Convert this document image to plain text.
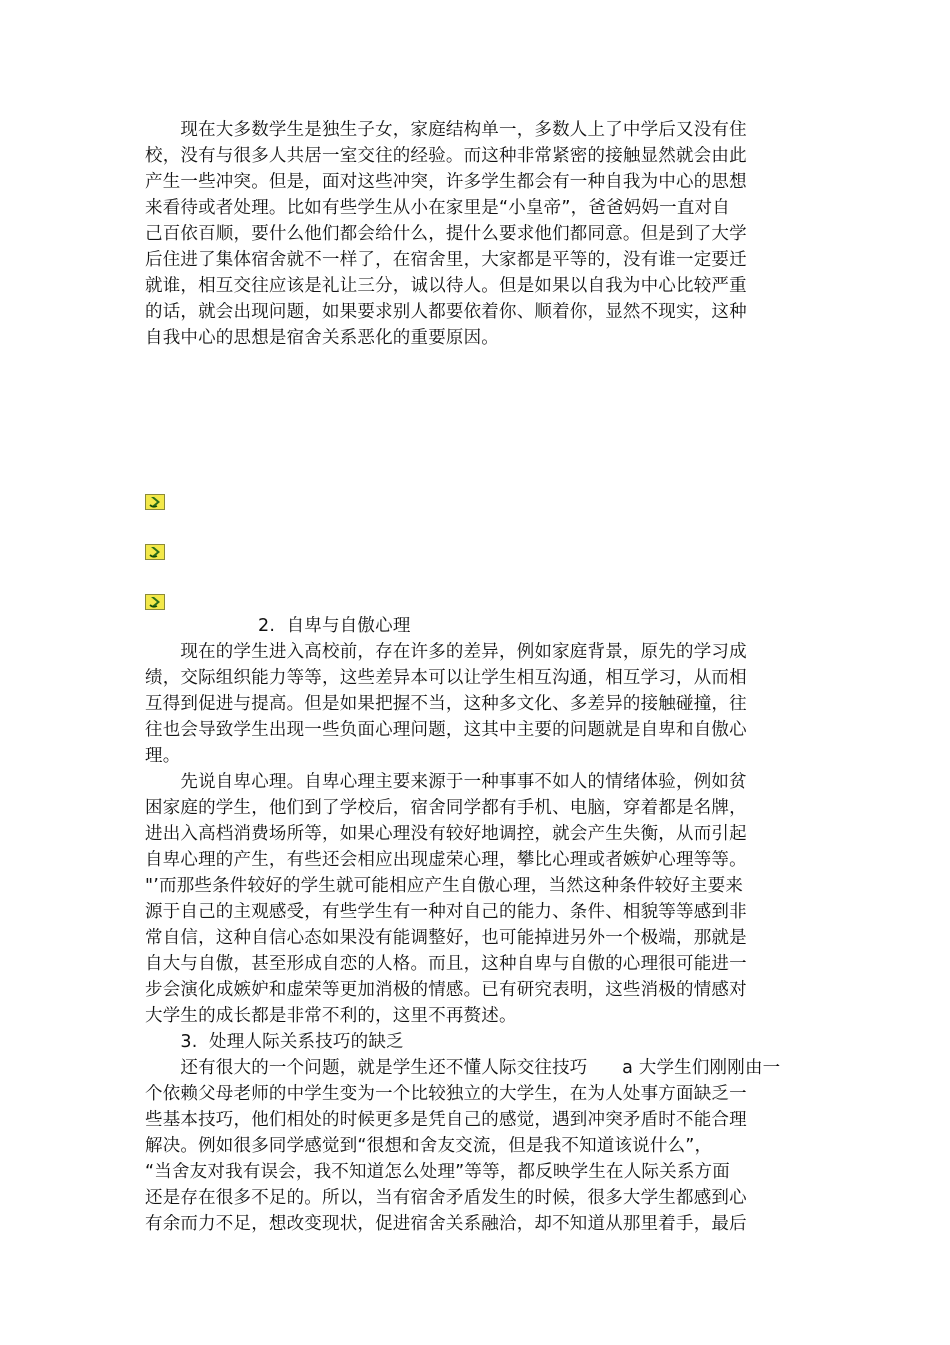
　　现在大多数学生是独生子女，家庭结构单一，多数人上了中学后又没有住
校，没有与很多人共居一室交往的经验。而这种非常紧密的接触显然就会由此
产生一些冲突。但是，面对这些冲突，许多学生都会有一种自我为中心的思想
来看待或者处理。比如有些学生从小在家里是“小皇帝”，爸爸妈妈一直对自
己百依百顺，要什么他们都会给什么，提什么要求他们都同意。但是到了大学
后住进了集体宿舍就不一样了，在宿舍里，大家都是平等的，没有谁一定要迁
就谁，相互交往应该是礼让三分，诚以待人。但是如果以自我为中心比较严重
的话，就会出现问题，如果要求别人都要依着你、顺着你，显然不现实，这种
自我中心的思想是宿舍关系恶化的重要原因。
2.  自卑与自傲心理
　　现在的学生进入高校前，存在许多的差异，例如家庭背景，原先的学习成
绩，交际组织能力等等，这些差异本可以让学生相互沟通，相互学习，从而相
互得到促进与提高。但是如果把握不当，这种多文化、多差异的接触碰撞，往
往也会导致学生出现一些负面心理问题，这其中主要的问题就是自卑和自傲心
理。
　　先说自卑心理。自卑心理主要来源于一种事事不如人的情绪体验，例如贫
困家庭的学生，他们到了学校后，宿舍同学都有手机、电脑，穿着都是名牌，
进出入高档消费场所等，如果心理没有较好地调控，就会产生失衡，从而引起
自卑心理的产生，有些还会相应出现虚荣心理，攀比心理或者嫉妒心理等等。
"’而那些条件较好的学生就可能相应产生自傲心理，当然这种条件较好主要来
源于自己的主观感受，有些学生有一种对自己的能力、条件、相貌等等感到非
常自信，这种自信心态如果没有能调整好，也可能掉进另外一个极端，那就是
自大与自傲，甚至形成自恋的人格。而且，这种自卑与自傲的心理很可能进一
步会演化成嫉妒和虚荣等更加消极的情感。已有研究表明，这些消极的情感对
大学生的成长都是非常不利的，这里不再赘述。
　　3.  处理人际关系技巧的缺乏
　　还有很大的一个问题，就是学生还不懂人际交往技巧      a 大学生们刚刚由一
个依赖父母老师的中学生变为一个比较独立的大学生，在为人处事方面缺乏一
些基本技巧，他们相处的时候更多是凭自己的感觉，遇到冲突矛盾时不能合理
解决。例如很多同学感觉到“很想和舍友交流，但是我不知道该说什么”，
“当舍友对我有误会，我不知道怎么处理”等等，都反映学生在人际关系方面
还是存在很多不足的。所以，当有宿舍矛盾发生的时候，很多大学生都感到心
有余而力不足，想改变现状，促进宿舍关系融洽，却不知道从那里着手，最后
